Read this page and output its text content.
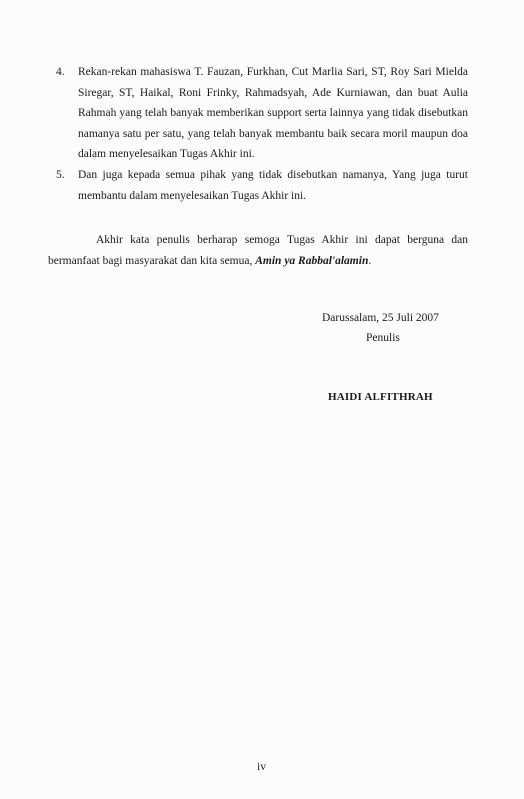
4. Rekan-rekan mahasiswa T. Fauzan, Furkhan, Cut Marlia Sari, ST, Roy Sari Mielda Siregar, ST, Haikal, Roni Frinky, Rahmadsyah, Ade Kurniawan, dan buat Aulia Rahmah yang telah banyak memberikan support serta lainnya yang tidak disebutkan namanya satu per satu, yang telah banyak membantu baik secara moril maupun doa dalam menyelesaikan Tugas Akhir ini.
5. Dan juga kepada semua pihak yang tidak disebutkan namanya, Yang juga turut membantu dalam menyelesaikan Tugas Akhir ini.

Akhir kata penulis berharap semoga Tugas Akhir ini dapat berguna dan bermanfaat bagi masyarakat dan kita semua, Amin ya Rabbal'alamin.

Darussalam, 25 Juli 2007
Penulis
HAIDI ALFITHRAH
iv
